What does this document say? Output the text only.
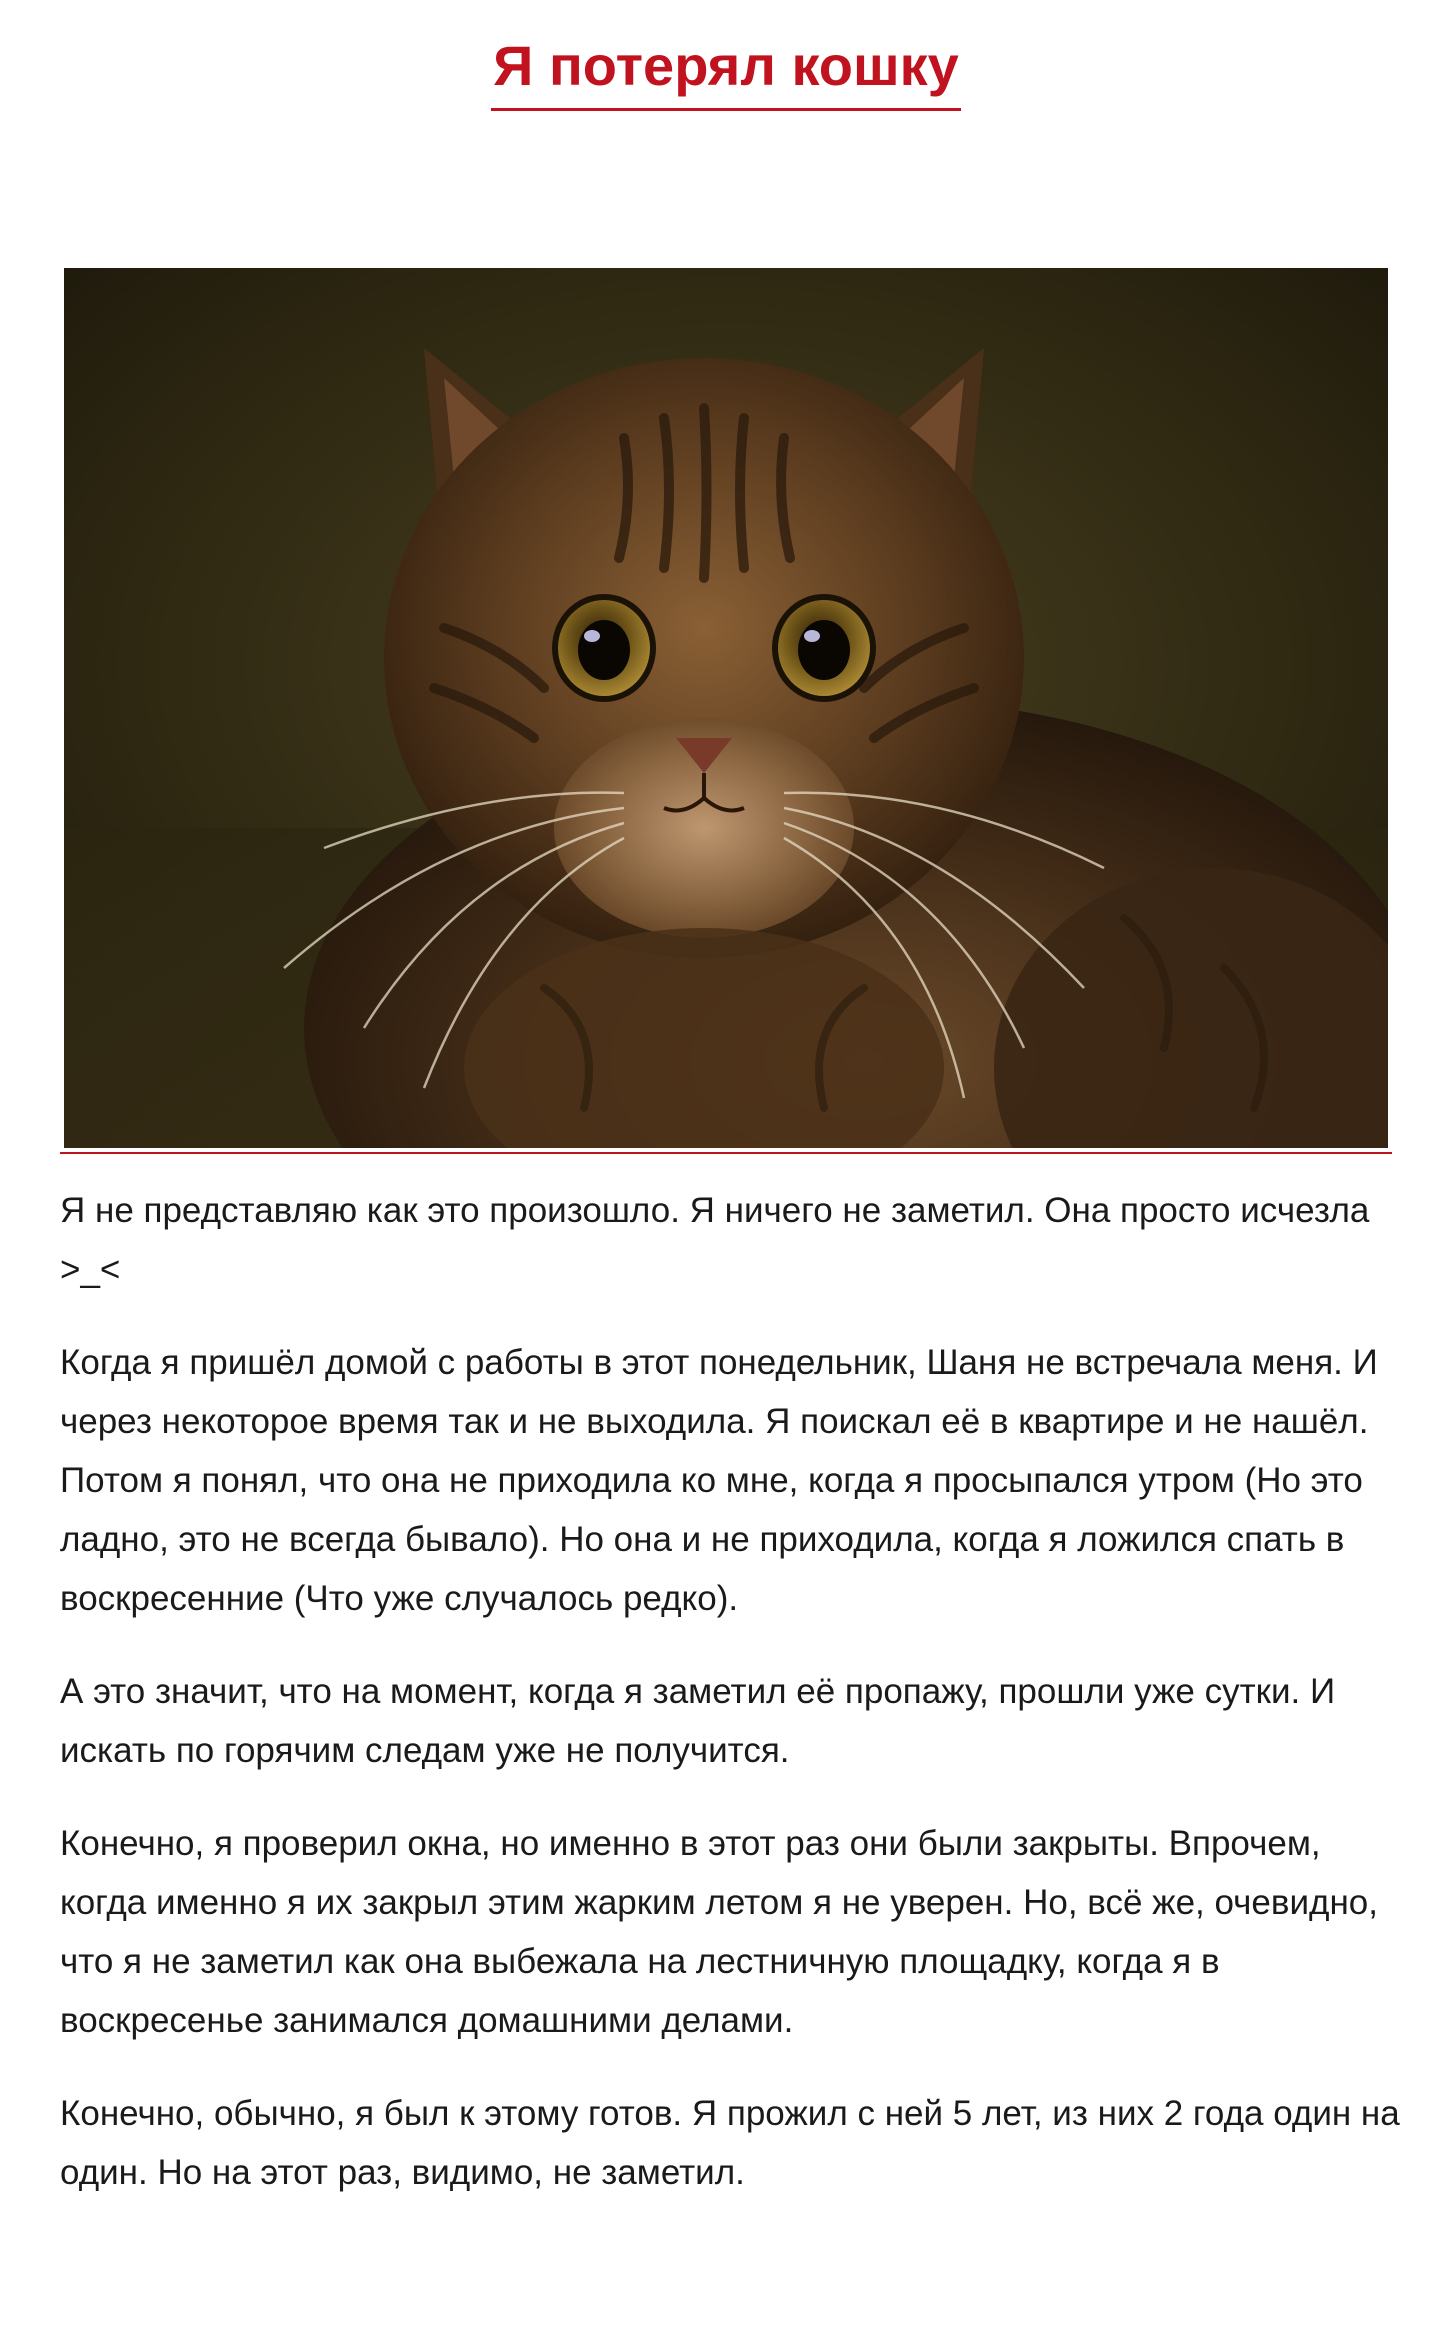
Я потерял кошку

Я не представляю как это произошло. Я ничего не заметил. Она просто исчезла >_<

Когда я пришёл домой с работы в этот понедельник, Шаня не встречала меня. И через некоторое время так и не выходила. Я поискал её в квартире и не нашёл.

Потом я понял, что она не приходила ко мне, когда я просыпался утром (Но это ладно, это не всегда бывало). Но она и не приходила, когда я ложился спать в воскресенние (Что уже случалось редко).

А это значит, что на момент, когда я заметил её пропажу, прошли уже сутки. И искать по горячим следам уже не получится.

Конечно, я проверил окна, но именно в этот раз они были закрыты. Впрочем, когда именно я их закрыл этим жарким летом я не уверен. Но, всё же, очевидно, что я не заметил как она выбежала на лестничную площадку, когда я в воскресенье занимался домашними делами.

Конечно, обычно, я был к этому готов. Я прожил с ней 5 лет, из них 2 года один на один. Но на этот раз, видимо, не заметил.
